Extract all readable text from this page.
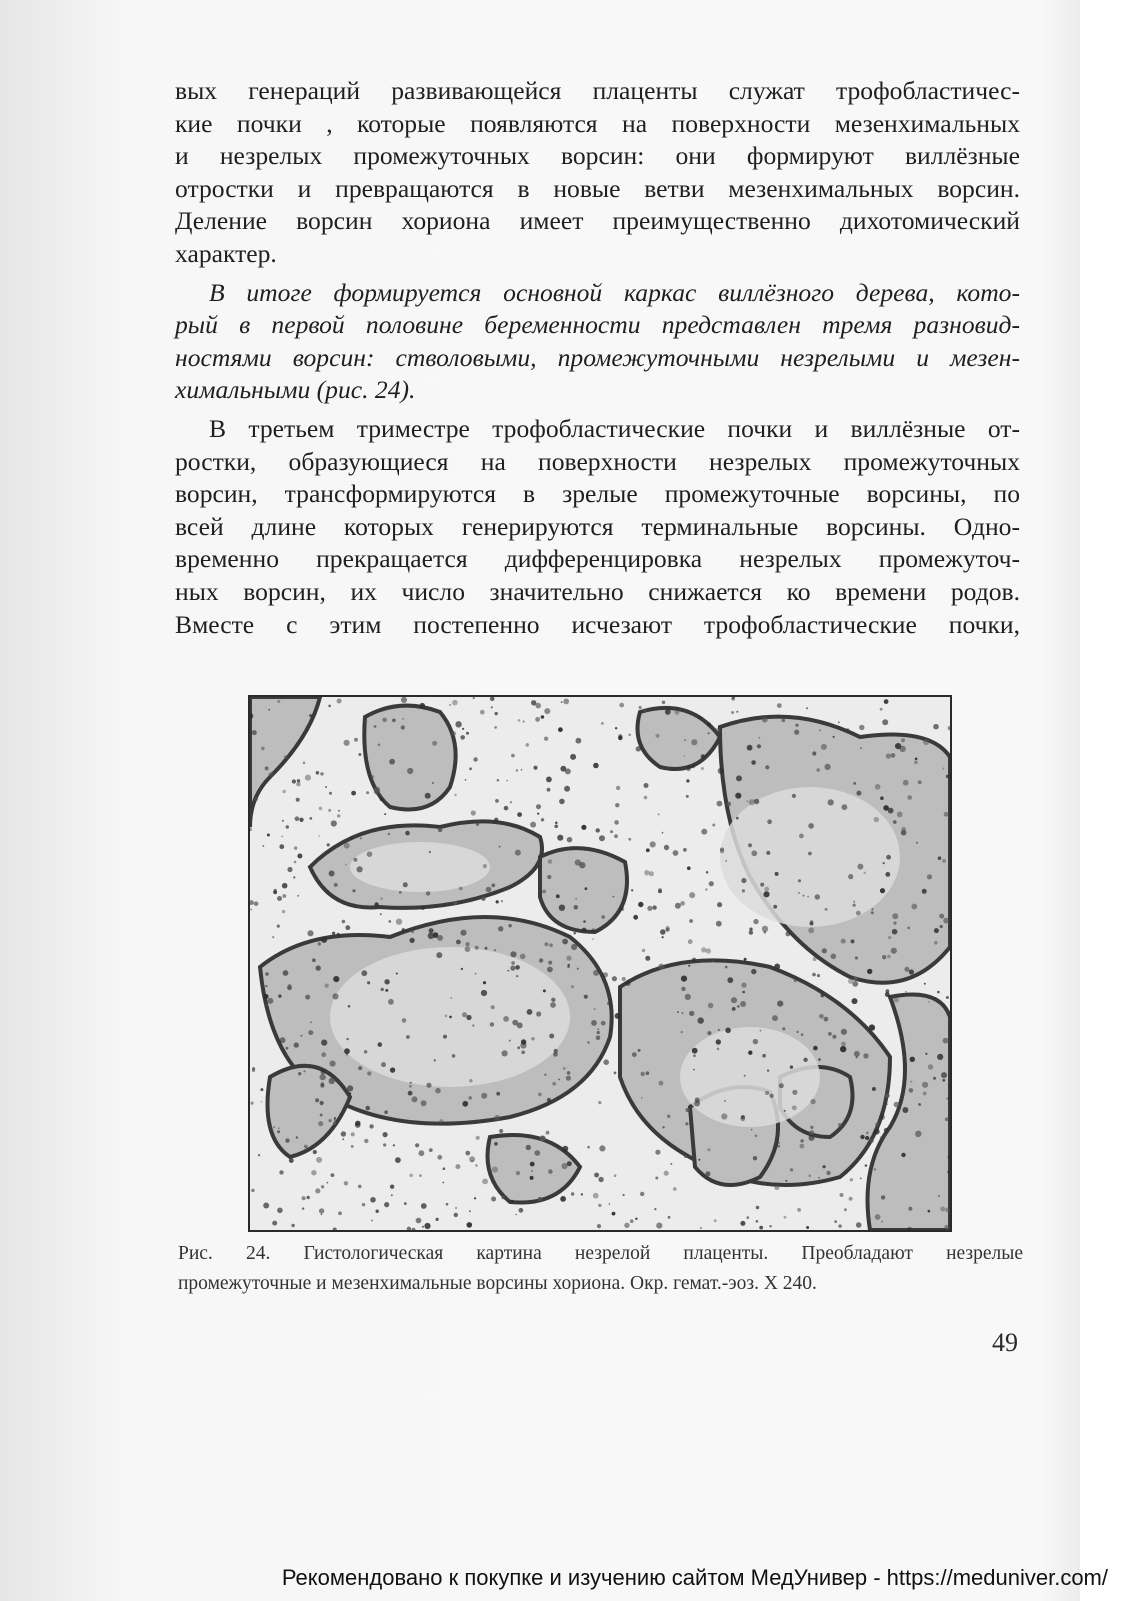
вых генераций развивающейся плаценты служат трофобластичес-
кие почки , которые появляются на поверхности мезенхимальных
и незрелых промежуточных ворсин: они формируют виллёзные
отростки и превращаются в новые ветви мезенхимальных ворсин.
Деление ворсин хориона имеет преимущественно дихотомический
характер.

В итоге формируется основной каркас виллёзного дерева, кото-
рый в первой половине беременности представлен тремя разновид-
ностями ворсин: стволовыми, промежуточными незрелыми и мезен-
химальными (рис. 24).

В третьем триместре трофобластические почки и виллёзные от-
ростки, образующиеся на поверхности незрелых промежуточных
ворсин, трансформируются в зрелые промежуточные ворсины, по
всей длине которых генерируются терминальные ворсины. Одно-
временно прекращается дифференцировка незрелых промежуточ-
ных ворсин, их число значительно снижается ко времени родов.
Вместе с этим постепенно исчезают трофобластические почки,

Рис. 24. Гистологическая картина незрелой плаценты. Преобладают незрелые
промежуточные и мезенхимальные ворсины хориона. Окр. гемат.-эоз. X 240.
49
Рекомендовано к покупке и изучению сайтом МедУнивер - https://meduniver.com/
